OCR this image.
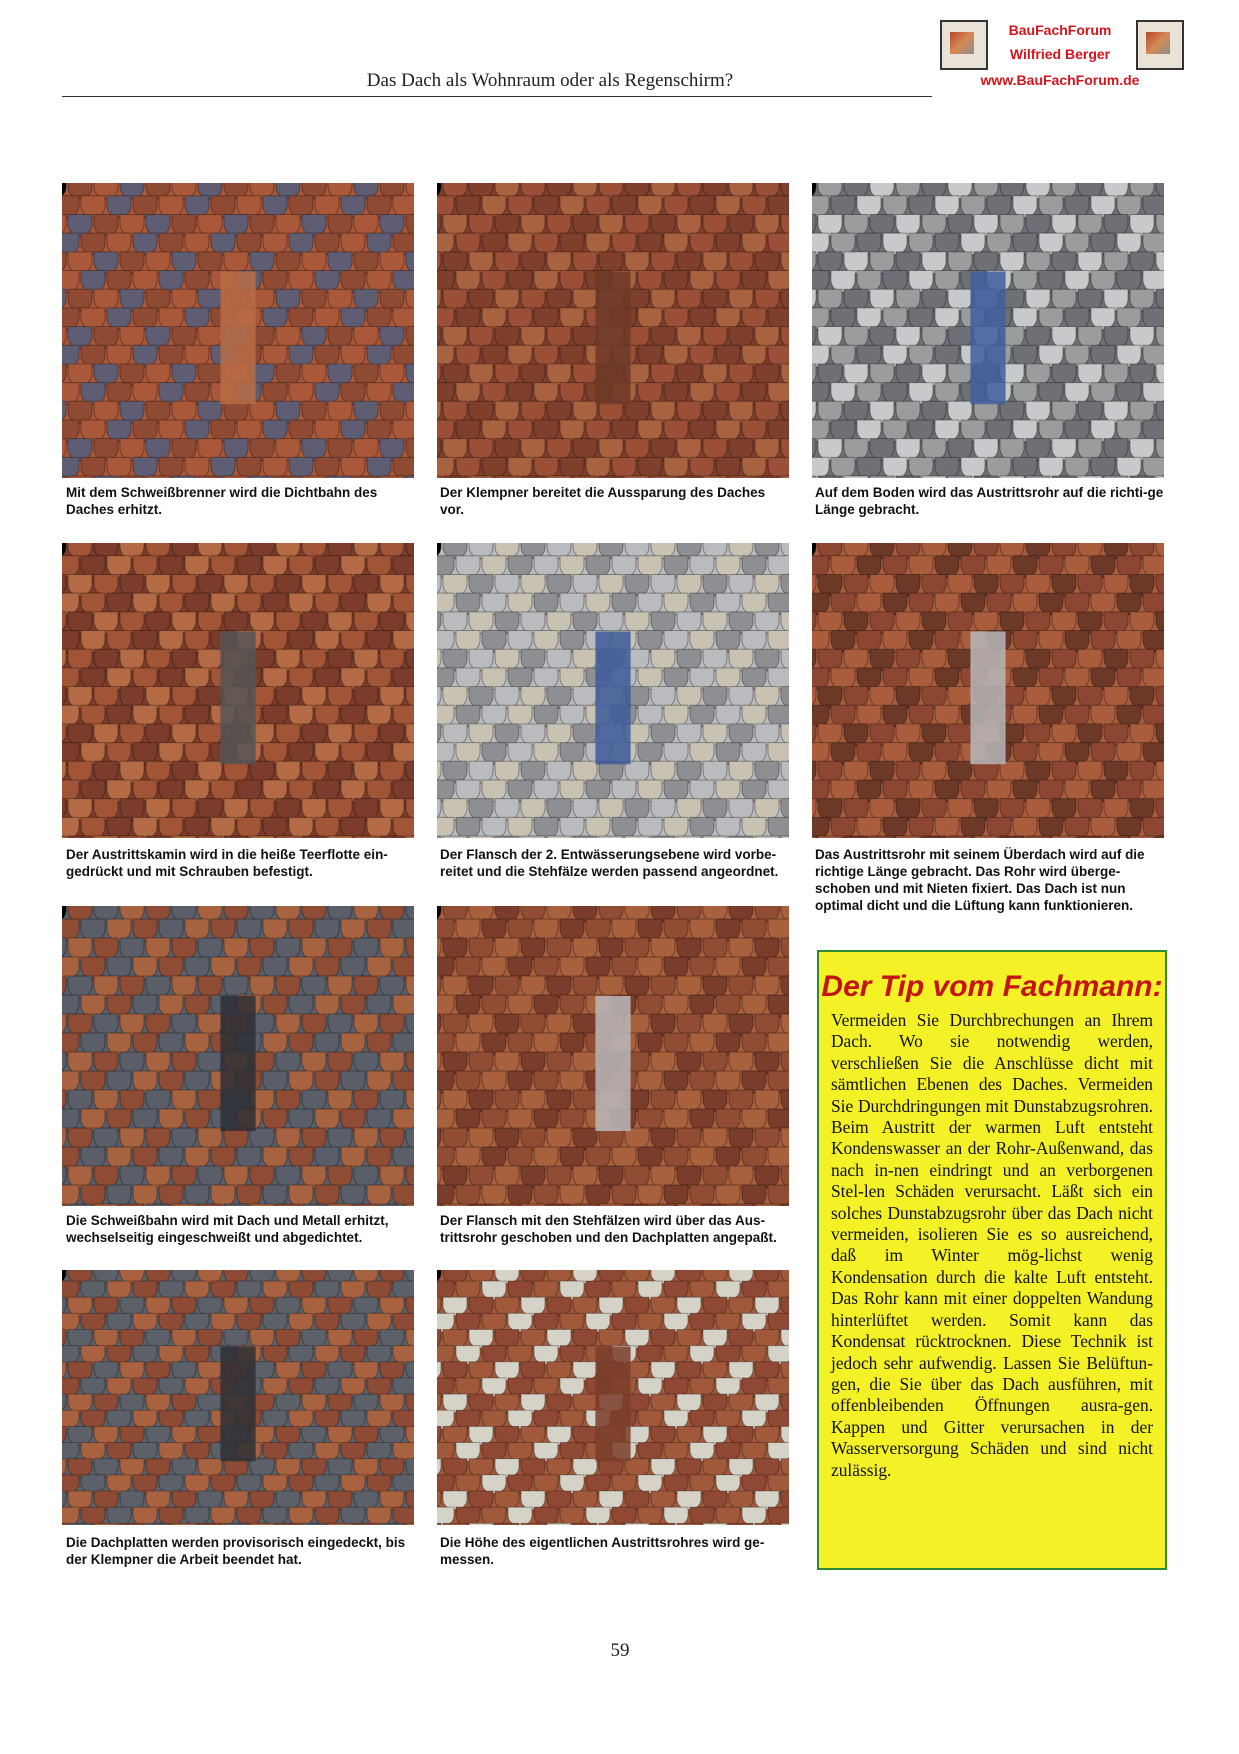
Das Dach als Wohnraum oder als Regenschirm?
BauFachForum
Wilfried Berger
www.BauFachForum.de
Mit dem Schweißbrenner wird die Dichtbahn des Daches erhitzt.
Der Klempner bereitet die Aussparung des Daches vor.
Auf dem Boden wird das Austrittsrohr auf die richti-ge Länge gebracht.
Der Austrittskamin wird in die heiße Teerflotte ein-gedrückt und mit Schrauben befestigt.
Der Flansch der 2. Entwässerungsebene wird vorbe-reitet und die Stehfälze werden passend angeordnet.
Das Austrittsrohr mit seinem Überdach wird auf die richtige Länge gebracht. Das Rohr wird überge-schoben und mit Nieten fixiert. Das Dach ist nun optimal dicht und die Lüftung kann funktionieren.
Die Schweißbahn wird mit Dach und Metall erhitzt, wechselseitig eingeschweißt und abgedichtet.
Der Flansch mit den Stehfälzen wird über das Aus-trittsrohr geschoben und den Dachplatten angepaßt.
Die Dachplatten werden provisorisch eingedeckt, bis der Klempner die Arbeit beendet hat.
Die Höhe des eigentlichen Austrittsrohres wird ge-messen.
Der Tip vom Fachmann:
Vermeiden Sie Durchbrechungen an Ihrem Dach. Wo sie notwendig werden, verschließen Sie die Anschlüsse dicht mit sämtlichen Ebenen des Daches. Vermeiden Sie Durchdringungen mit Dunstabzugsrohren. Beim Austritt der warmen Luft entsteht Kondenswasser an der Rohr-Außenwand, das nach in-nen eindringt und an verborgenen Stel-len Schäden verursacht. Läßt sich ein solches Dunstabzugsrohr über das Dach nicht vermeiden, isolieren Sie es so ausreichend, daß im Winter mög-lichst wenig Kondensation durch die kalte Luft entsteht. Das Rohr kann mit einer doppelten Wandung hinterlüftet werden. Somit kann das Kondensat rücktrocknen. Diese Technik ist jedoch sehr aufwendig. Lassen Sie Belüftun-gen, die Sie über das Dach ausführen, mit offenbleibenden Öffnungen ausra-gen. Kappen und Gitter verursachen in der Wasserversorgung Schäden und sind nicht zulässig.
59
